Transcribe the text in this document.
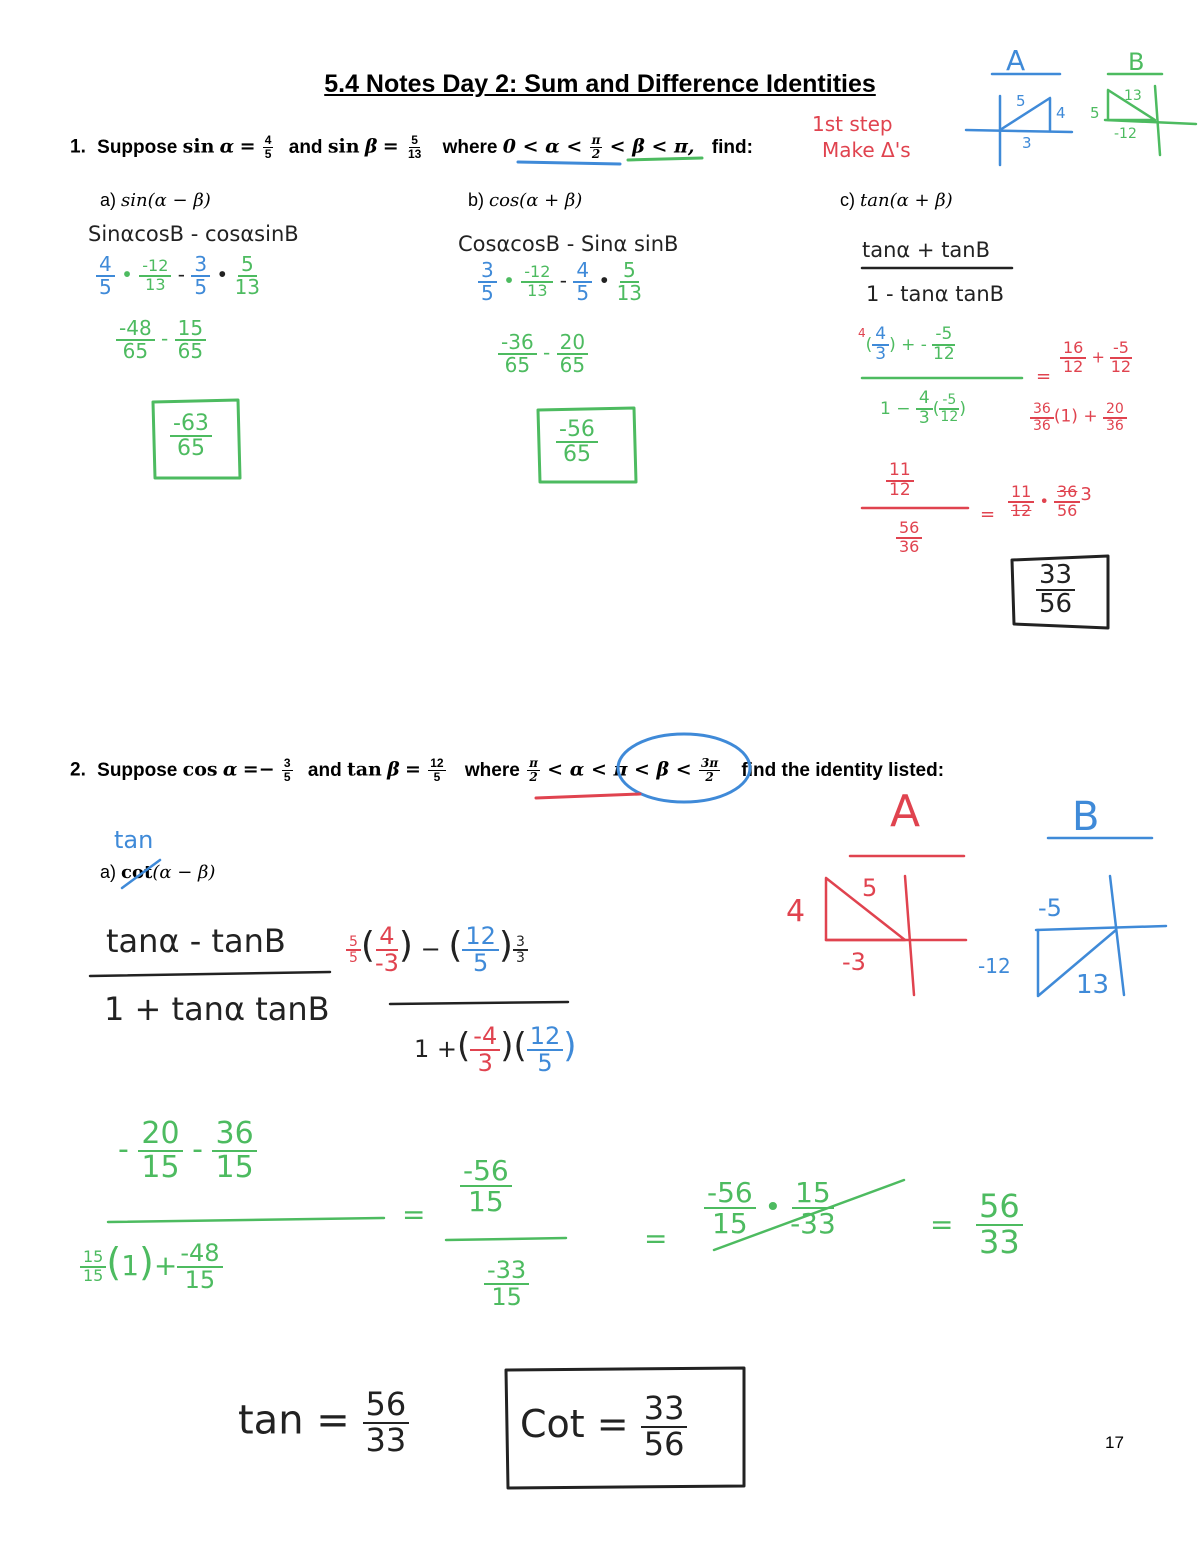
5.4 Notes Day 2: Sum and Difference Identities
1. Suppose $\sin \alpha = \frac{4}{5}$ and $\sin \beta = \frac{5}{13}$ where $0 < \alpha < \frac{\pi}{2} < \beta < \pi$, find:
a) sin(α − β)	b) cos(α + β)	c) tan(α + β)
2. Suppose $\cos \alpha =- \frac{3}{5}$ and $\tan \beta = \frac{12}{5}$ where $\frac{\pi}{2} < \alpha < \pi < \beta < \frac{3\pi}{2}$ find the identity listed:
a) cot(α − β)
17
A
5
4
3
B
13
5
-12
1st step
Make Δ's
SinαcosB - cosαsinB
$\frac{4}{5}$ • $\frac{-12}{13} - \frac{3}{5}$ • $\frac{5}{13}$
$\frac{-48}{65} - \frac{15}{65}$
$\frac{-63}{65}$
CosαcosB - Sinα sinB
$\frac{3}{5}$ • $\frac{-12}{13} - \frac{4}{5}$ • $\frac{5}{13}$
$\frac{-36}{65} - \frac{20}{65}$
$\frac{-56}{65}$
tanα + tanB
1 - tanα tanB
$^4( \frac{4}{3}$ ) + - $\frac{-5}{12}$
$1 - \frac{4}{3}$ ( $\frac{-5}{12}$ )
=
$\frac{16}{12} + \frac{-5}{12}$
$\frac{36}{36} (1) + \frac{20}{36}$
$\frac{11}{12}$
$\frac{56}{36}$
= $\frac{11}{12}$ • $\frac{36}{56} 3$
$\frac{33}{56}$
tan
tanα - tanB
1 + tanα tanB
$\frac{5}{5}$ ( $\frac{4}{-3}$ ) − ( $\frac{12}{5}$ ) $\frac{3}{3}$
1 +( $\frac{-4}{3}$ )( $\frac{12}{5}$ )
A
5
4
-3
B
13
-5
-12
- $\frac{20}{15} - \frac{36}{15}$
$\frac{15}{15} (1)+ \frac{-48}{15}$
= $\frac{-56}{15}$
$\frac{-33}{15}$
= $\frac{-56}{15}$ • $\frac{15}{-33}$	= $\frac{56}{33}$
$\tan = \frac{56}{33}$	Cot = $\frac{33}{56}$
